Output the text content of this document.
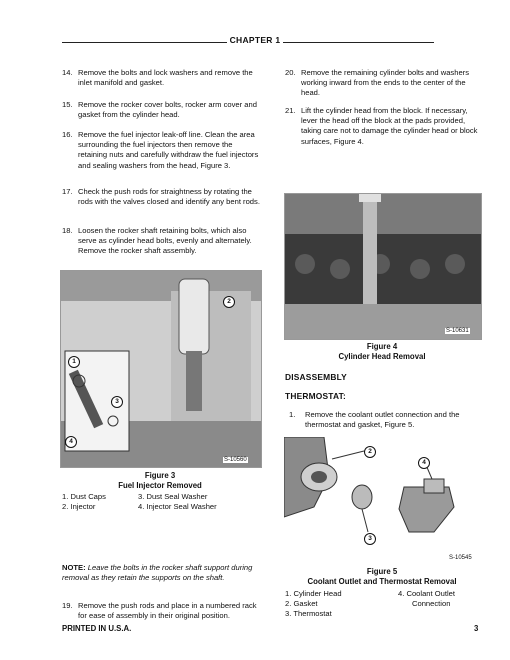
CHAPTER 1
14. Remove the bolts and lock washers and remove the inlet manifold and gasket.
15. Remove the rocker cover bolts, rocker arm cover and gasket from the cylinder head.
16. Remove the fuel injector leak-off line. Clean the area surrounding the fuel injectors then remove the retaining nuts and carefully withdraw the fuel injectors and sealing washers from the head, Figure 3.
17. Check the push rods for straightness by rotating the rods with the valves closed and identify any bent rods.
18. Loosen the rocker shaft retaining bolts, which also serve as cylinder head bolts, evenly and alternately. Remove the rocker shaft assembly.
1
2
3
4
S-10560
Figure 3
Fuel Injector Removed
1. Dust Caps
2. Injector
3. Dust Seal Washer
4. Injector Seal Washer
NOTE: Leave the bolts in the rocker shaft support during removal as they retain the supports on the shaft.
19. Remove the push rods and place in a numbered rack for ease of assembly in their original position.
20. Remove the remaining cylinder bolts and washers working inward from the ends to the center of the head.
21. Lift the cylinder head from the block. If necessary, lever the head off the block at the pads provided, taking care not to damage the cylinder head or block surfaces, Figure 4.
S-10631
Figure 4
Cylinder Head Removal
DISASSEMBLY
THERMOSTAT:
1. Remove the coolant outlet connection and the thermostat and gasket, Figure 5.
2
4
3
S-10545
Figure 5
Coolant Outlet and Thermostat Removal
1. Cylinder Head
2. Gasket
3. Thermostat
4. Coolant Outlet
Connection
PRINTED IN U.S.A.	3
